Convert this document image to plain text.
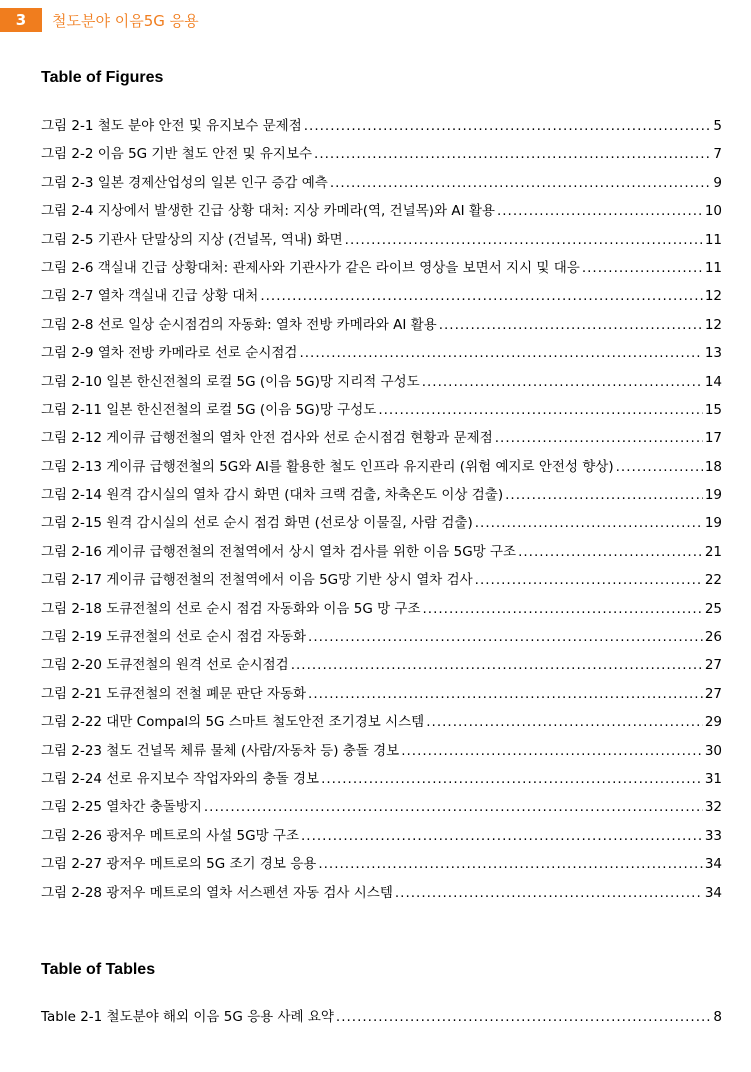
3	철도분야 이음5G 응용
Table of Figures
그림 2-1 철도 분야 안전 및 유지보수 문제점 .....	5
그림 2-2 이음 5G 기반 철도 안전 및 유지보수 .....	7
그림 2-3 일본 경제산업성의 일본 인구 증감 예측 .....	9
그림 2-4 지상에서 발생한 긴급 상황 대처: 지상 카메라(역, 건널목)와 AI 활용 .....	10
그림 2-5 기관사 단말상의 지상 (건널목, 역내) 화면 .....	11
그림 2-6 객실내 긴급 상황대처: 관제사와 기관사가 같은 라이브 영상을 보면서 지시 및 대응 .....	11
그림 2-7 열차 객실내 긴급 상황 대처 .....	12
그림 2-8 선로 일상 순시점검의 자동화: 열차 전방 카메라와 AI 활용 .....	12
그림 2-9 열차 전방 카메라로 선로 순시점검 .....	13
그림 2-10 일본 한신전철의 로컬 5G (이음 5G)망 지리적 구성도 .....	14
그림 2-11 일본 한신전철의 로컬 5G (이음 5G)망 구성도 .....	15
그림 2-12 게이큐 급행전철의 열차 안전 검사와 선로 순시점검 현황과 문제점 .....	17
그림 2-13 게이큐 급행전철의 5G와 AI를 활용한 철도 인프라 유지관리 (위험 예지로 안전성 향상) .....	18
그림 2-14 원격 감시실의 열차 감시 화면 (대차 크랙 검출, 차축온도 이상 검출) .....	19
그림 2-15 원격 감시실의 선로 순시 점검 화면 (선로상 이물질, 사람 검출) .....	19
그림 2-16 게이큐 급행전철의 전철역에서 상시 열차 검사를 위한 이음 5G망 구조 .....	21
그림 2-17 게이큐 급행전철의 전철역에서 이음 5G망 기반 상시 열차 검사 .....	22
그림 2-18 도큐전철의 선로 순시 점검 자동화와 이음 5G 망 구조 .....	25
그림 2-19 도큐전철의 선로 순시 점검 자동화 .....	26
그림 2-20 도큐전철의 원격 선로 순시점검 .....	27
그림 2-21 도큐전철의 전철 폐문 판단 자동화 .....	27
그림 2-22 대만 Compal의 5G 스마트 철도안전 조기경보 시스템 .....	29
그림 2-23 철도 건널목 체류 물체 (사람/자동차 등) 충돌 경보 .....	30
그림 2-24 선로 유지보수 작업자와의 충돌 경보 .....	31
그림 2-25 열차간 충돌방지 .....	32
그림 2-26 광저우 메트로의 사설 5G망 구조 .....	33
그림 2-27 광저우 메트로의 5G 조기 경보 응용 .....	34
그림 2-28 광저우 메트로의 열차 서스펜션 자동 검사 시스템 .....	34
Table of Tables
Table 2-1 철도분야 해외 이음 5G 응용 사례 요약 .....	8
